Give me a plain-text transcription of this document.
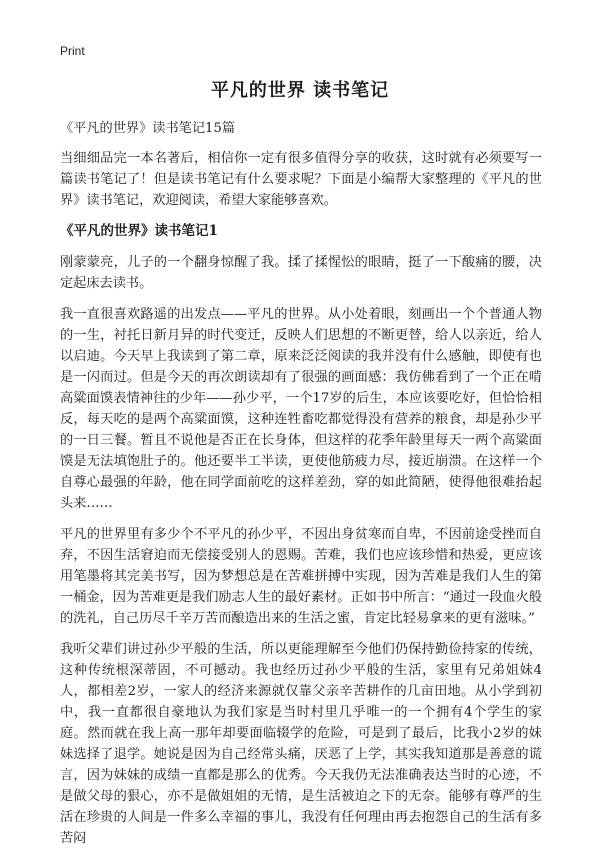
Print
平凡的世界 读书笔记

《平凡的世界》读书笔记15篇

当细细品完一本名著后，相信你一定有很多值得分享的收获，这时就有必须要写一篇读书笔记了！但是读书笔记有什么要求呢？下面是小编帮大家整理的《平凡的世界》读书笔记，欢迎阅读，希望大家能够喜欢。

《平凡的世界》读书笔记1

刚蒙蒙亮，儿子的一个翻身惊醒了我。揉了揉惺忪的眼睛，挺了一下酸痛的腰，决定起床去读书。

我一直很喜欢路遥的出发点——平凡的世界。从小处着眼，刻画出一个个普通人物的一生，衬托日新月异的时代变迁，反映人们思想的不断更替，给人以亲近，给人以启迪。今天早上我读到了第二章，原来泛泛阅读的我并没有什么感触，即使有也是一闪而过。但是今天的再次朗读却有了很强的画面感：我仿佛看到了一个正在啃高粱面馍表情神往的少年——孙少平，一个17岁的后生，本应该要吃好，但恰恰相反，每天吃的是两个高粱面馍，这种连牲畜吃都觉得没有营养的粮食，却是孙少平的一日三餐。暂且不说他是否正在长身体，但这样的花季年龄里每天一两个高粱面馍是无法填饱肚子的。他还要半工半读，更使他筋疲力尽，接近崩溃。在这样一个自尊心最强的年龄，他在同学面前吃的这样差劲，穿的如此简陋，使得他很难抬起头来……

平凡的世界里有多少个不平凡的孙少平，不因出身贫寒而自卑，不因前途受挫而自弃，不因生活窘迫而无偿接受别人的恩赐。苦难，我们也应该珍惜和热爱，更应该用笔墨将其完美书写，因为梦想总是在苦难拼搏中实现，因为苦难是我们人生的第一桶金，因为苦难更是我们励志人生的最好素材。正如书中所言：“通过一段血火般的洗礼，自己历尽千辛万苦而酿造出来的生活之蜜，肯定比轻易拿来的更有滋味。”

我听父辈们讲过孙少平般的生活，所以更能理解至今他们仍保持勤俭持家的传统，这种传统根深蒂固，不可撼动。我也经历过孙少平般的生活，家里有兄弟姐妹4人，都相差2岁，一家人的经济来源就仅靠父亲辛苦耕作的几亩田地。从小学到初中，我一直都很自豪地认为我们家是当时村里几乎唯一的一个拥有4个学生的家庭。然而就在我上高一那年却要面临辍学的危险，可是到了最后，比我小2岁的妹妹选择了退学。她说是因为自己经常头痛，厌恶了上学，其实我知道那是善意的谎言，因为妹妹的成绩一直都是那么的优秀。今天我仍无法准确表达当时的心迹，不是做父母的狠心，亦不是做姐姐的无情，是生活被迫之下的无奈。能够有尊严的生活在珍贵的人间是一件多么幸福的事儿，我没有任何理由再去抱怨自己的生活有多苦闷
